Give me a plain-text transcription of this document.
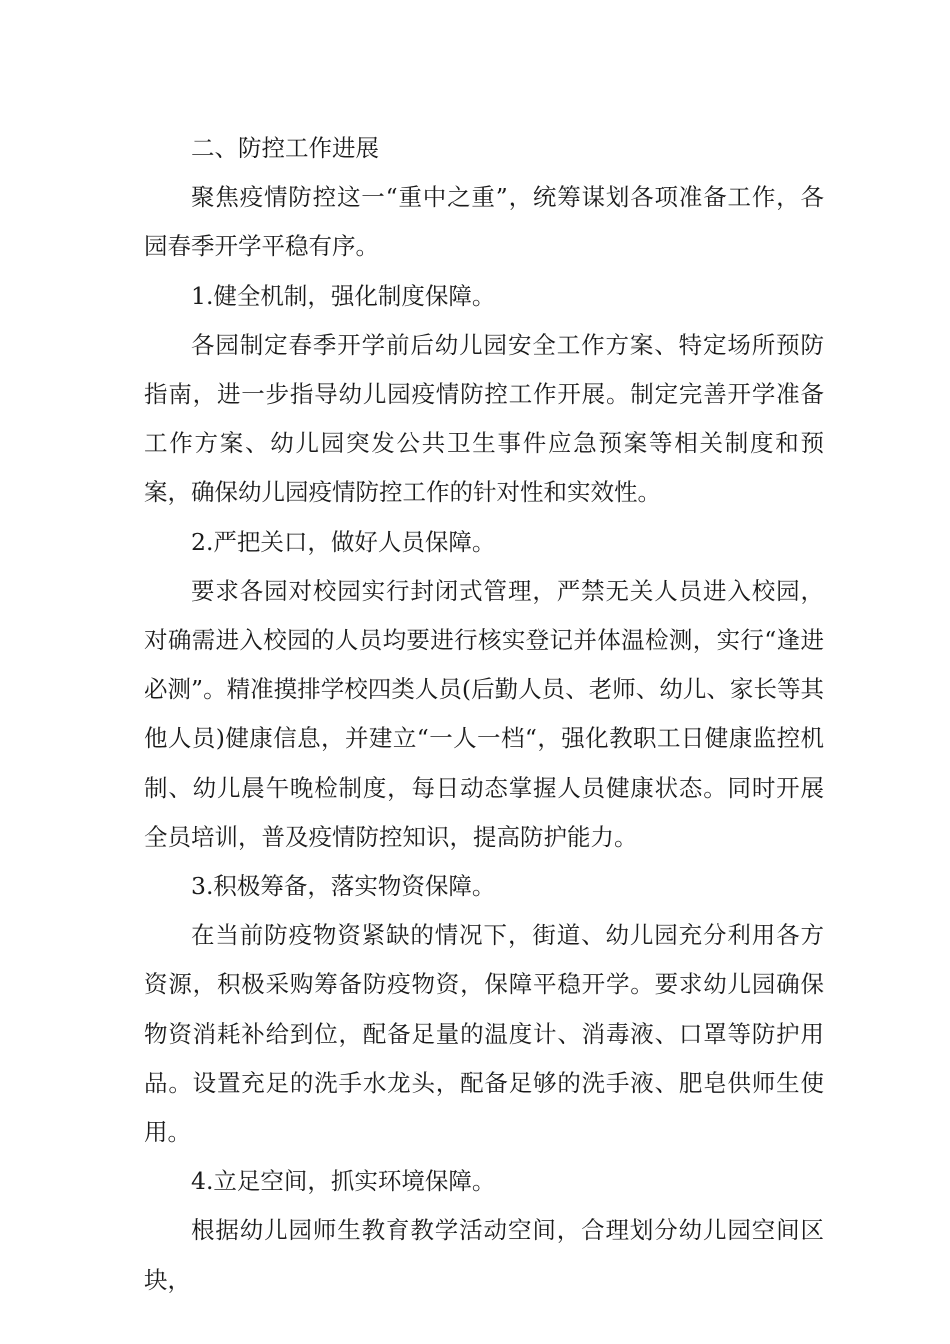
二、防控工作进展

聚焦疫情防控这一“重中之重”，统筹谋划各项准备工作，各园春季开学平稳有序。

1.健全机制，强化制度保障。

各园制定春季开学前后幼儿园安全工作方案、特定场所预防指南，进一步指导幼儿园疫情防控工作开展。制定完善开学准备工作方案、幼儿园突发公共卫生事件应急预案等相关制度和预案，确保幼儿园疫情防控工作的针对性和实效性。

2.严把关口，做好人员保障。

要求各园对校园实行封闭式管理，严禁无关人员进入校园，对确需进入校园的人员均要进行核实登记并体温检测，实行“逢进必测”。精准摸排学校四类人员(后勤人员、老师、幼儿、家长等其他人员)健康信息，并建立“一人一档“，强化教职工日健康监控机制、幼儿晨午晚检制度，每日动态掌握人员健康状态。同时开展全员培训，普及疫情防控知识，提高防护能力。

3.积极筹备，落实物资保障。

在当前防疫物资紧缺的情况下，街道、幼儿园充分利用各方资源，积极采购筹备防疫物资，保障平稳开学。要求幼儿园确保物资消耗补给到位，配备足量的温度计、消毒液、口罩等防护用品。设置充足的洗手水龙头，配备足够的洗手液、肥皂供师生使用。

4.立足空间，抓实环境保障。

根据幼儿园师生教育教学活动空间，合理划分幼儿园空间区块，
